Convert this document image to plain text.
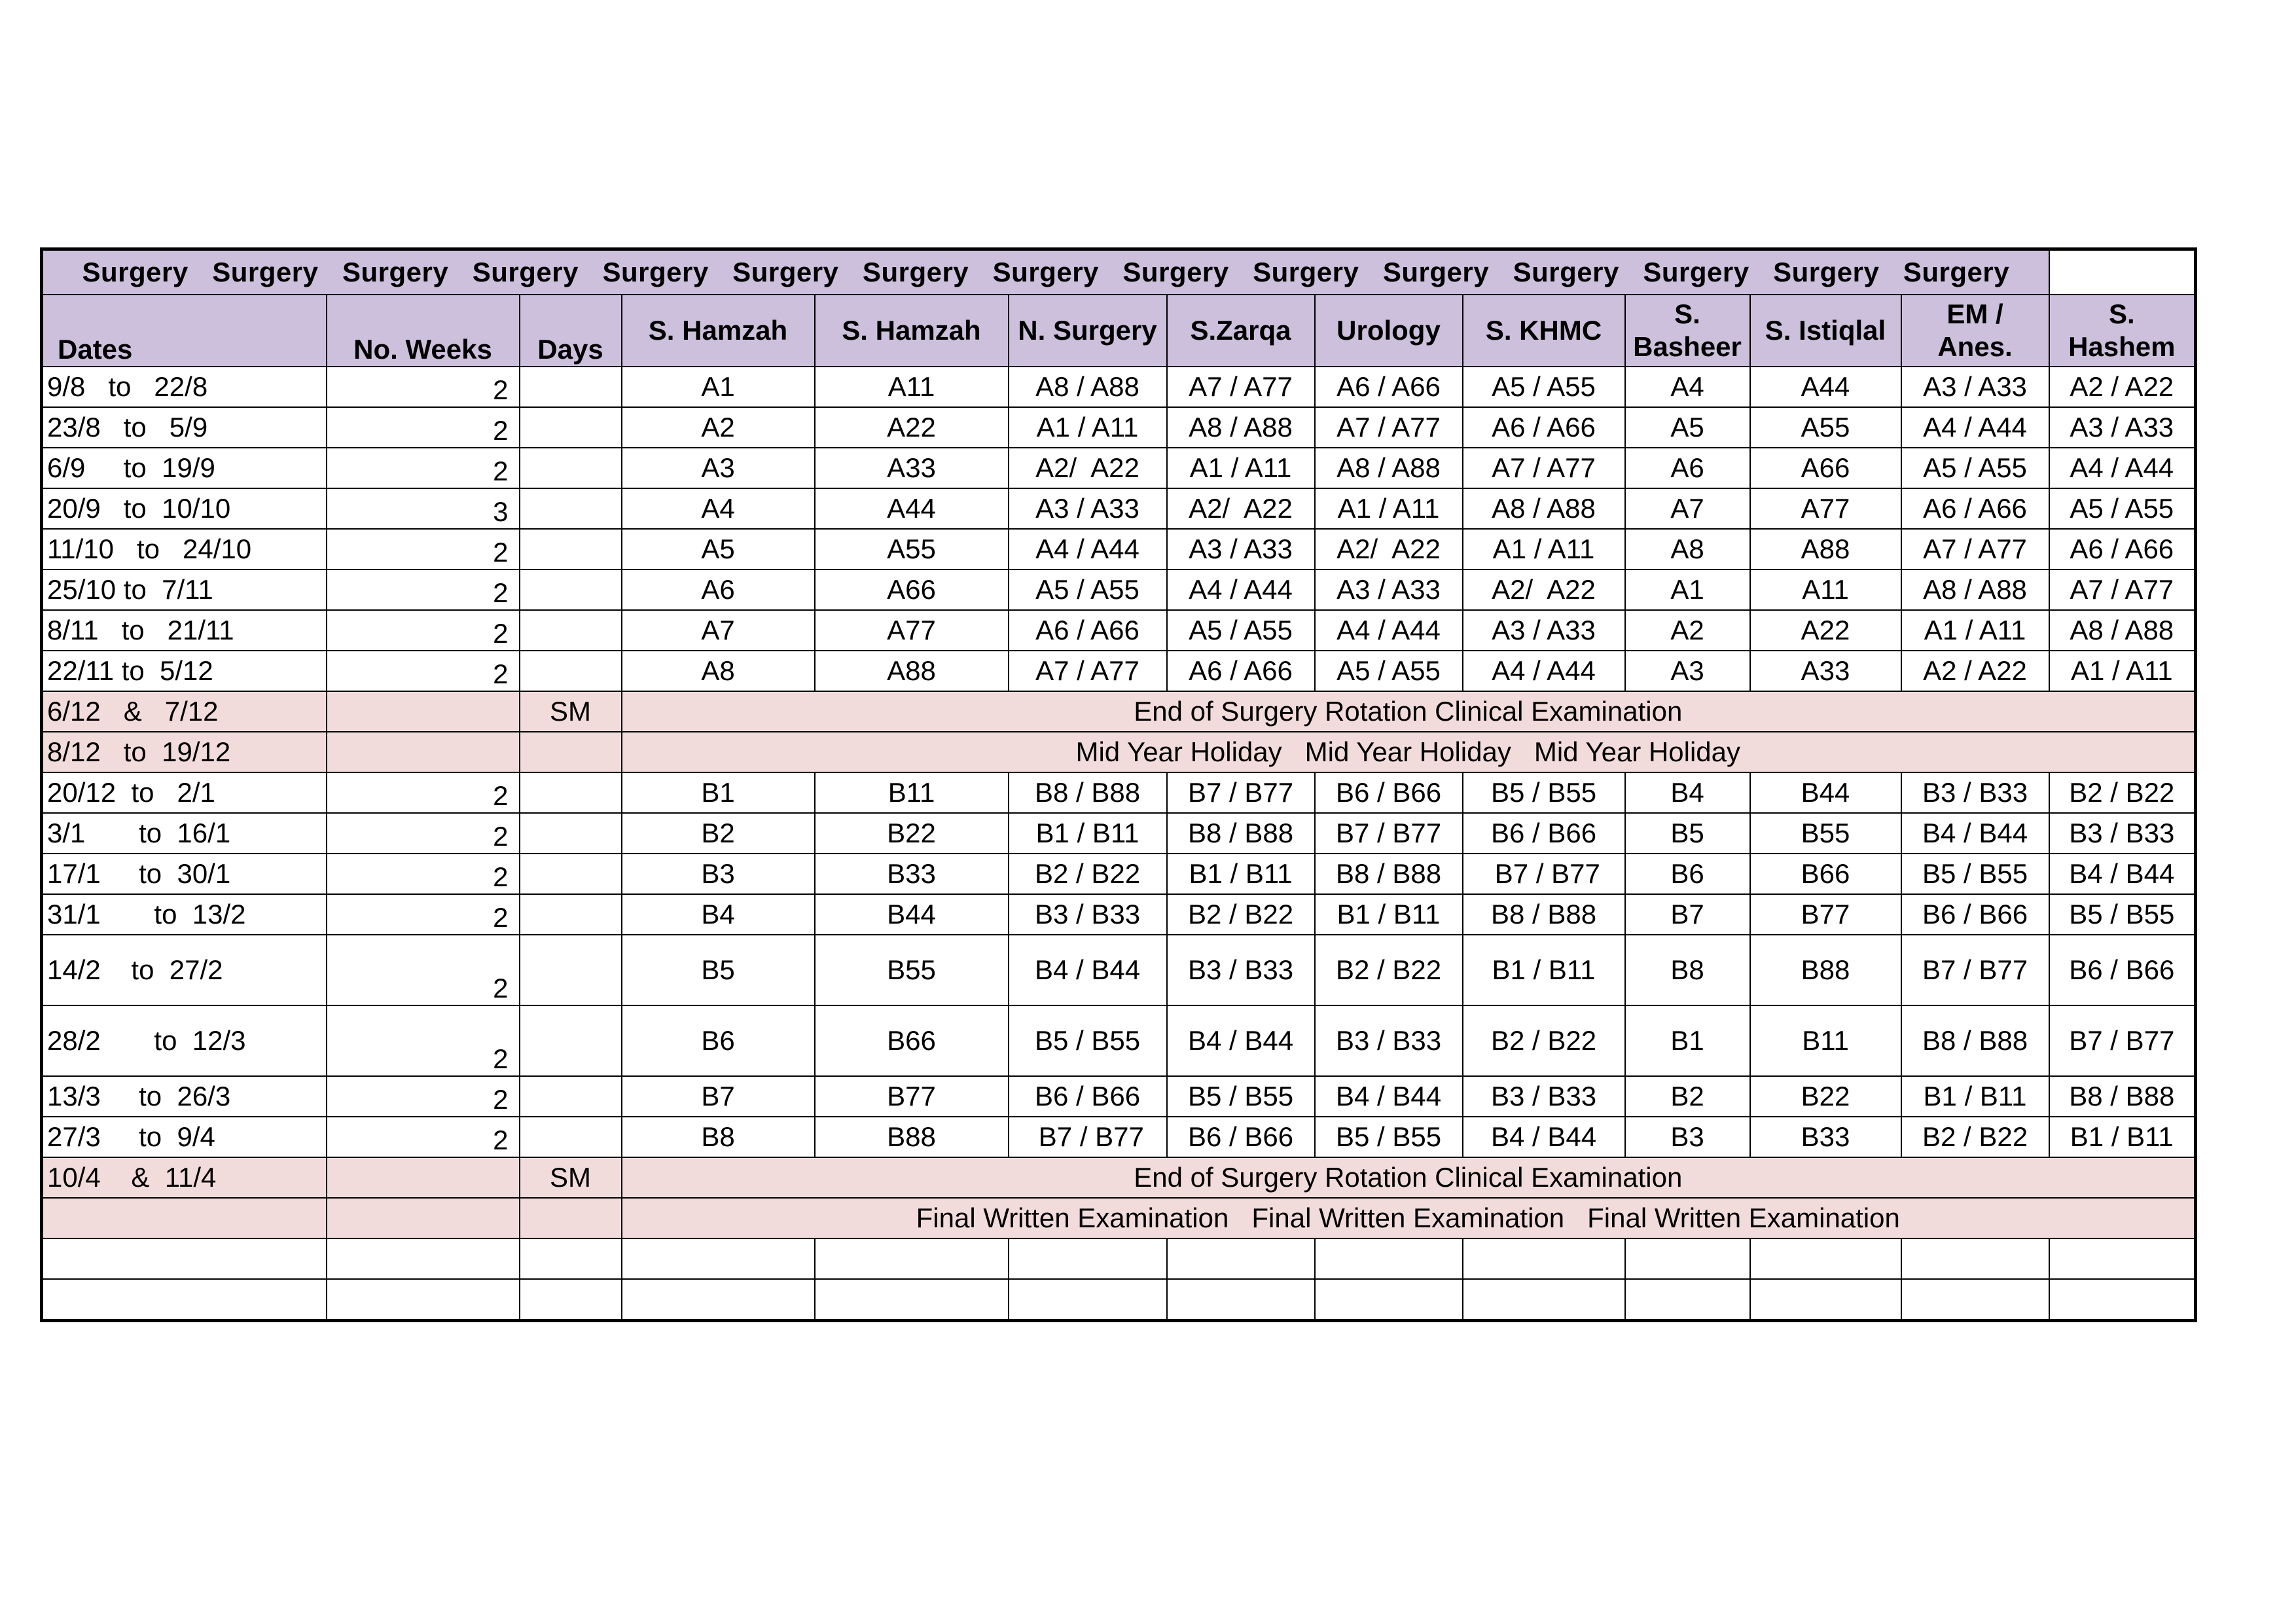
Surgery   Surgery   Surgery   Surgery   Surgery   Surgery   Surgery   Surgery   Surgery   Surgery   Surgery   Surgery   Surgery   Surgery   Surgery												
Dates	No. Weeks	Days	S. Hamzah	S. Hamzah	N. Surgery	S.Zarqa	Urology	S. KHMC	S. Basheer	S. Istiqlal	EM / Anes.	S. Hashem
9/8   to   22/8	2		A1	A11	A8 / A88	A7 / A77	A6 / A66	A5 / A55	A4	A44	A3 / A33	A2 / A22
23/8   to   5/9	2		A2	A22	A1 / A11	A8 / A88	A7 / A77	A6 / A66	A5	A55	A4 / A44	A3 / A33
6/9     to  19/9	2		A3	A33	A2/  A22	A1 / A11	A8 / A88	A7 / A77	A6	A66	A5 / A55	A4 / A44
20/9   to  10/10	3		A4	A44	A3 / A33	A2/  A22	A1 / A11	A8 / A88	A7	A77	A6 / A66	A5 / A55
11/10   to   24/10	2		A5	A55	A4 / A44	A3 / A33	A2/  A22	A1 / A11	A8	A88	A7 / A77	A6 / A66
25/10 to  7/11	2		A6	A66	A5 / A55	A4 / A44	A3 / A33	A2/  A22	A1	A11	A8 / A88	A7 / A77
8/11   to   21/11	2		A7	A77	A6 / A66	A5 / A55	A4 / A44	A3 / A33	A2	A22	A1 / A11	A8 / A88
22/11 to  5/12	2		A8	A88	A7 / A77	A6 / A66	A5 / A55	A4 / A44	A3	A33	A2 / A22	A1 / A11
6/12   &   7/12		SM	End of Surgery Rotation Clinical Examination									
8/12   to  19/12			Mid Year Holiday   Mid Year Holiday   Mid Year Holiday									
20/12  to   2/1	2		B1	B11	B8 / B88	B7 / B77	B6 / B66	B5 / B55	B4	B44	B3 / B33	B2 / B22
3/1       to  16/1	2		B2	B22	B1 / B11	B8 / B88	B7 / B77	B6 / B66	B5	B55	B4 / B44	B3 / B33
17/1     to  30/1	2		B3	B33	B2 / B22	B1 / B11	B8 / B88	B7 / B77	B6	B66	B5 / B55	B4 / B44
31/1       to  13/2	2		B4	B44	B3 / B33	B2 / B22	B1 / B11	B8 / B88	B7	B77	B6 / B66	B5 / B55
14/2    to  27/2	2		B5	B55	B4 / B44	B3 / B33	B2 / B22	B1 / B11	B8	B88	B7 / B77	B6 / B66
28/2       to  12/3	2		B6	B66	B5 / B55	B4 / B44	B3 / B33	B2 / B22	B1	B11	B8 / B88	B7 / B77
13/3     to  26/3	2		B7	B77	B6 / B66	B5 / B55	B4 / B44	B3 / B33	B2	B22	B1 / B11	B8 / B88
27/3     to  9/4	2		B8	B88	B7 / B77	B6 / B66	B5 / B55	B4 / B44	B3	B33	B2 / B22	B1 / B11
10/4    &  11/4		SM	End of Surgery Rotation Clinical Examination									
			Final Written Examination   Final Written Examination   Final Written Examination									
